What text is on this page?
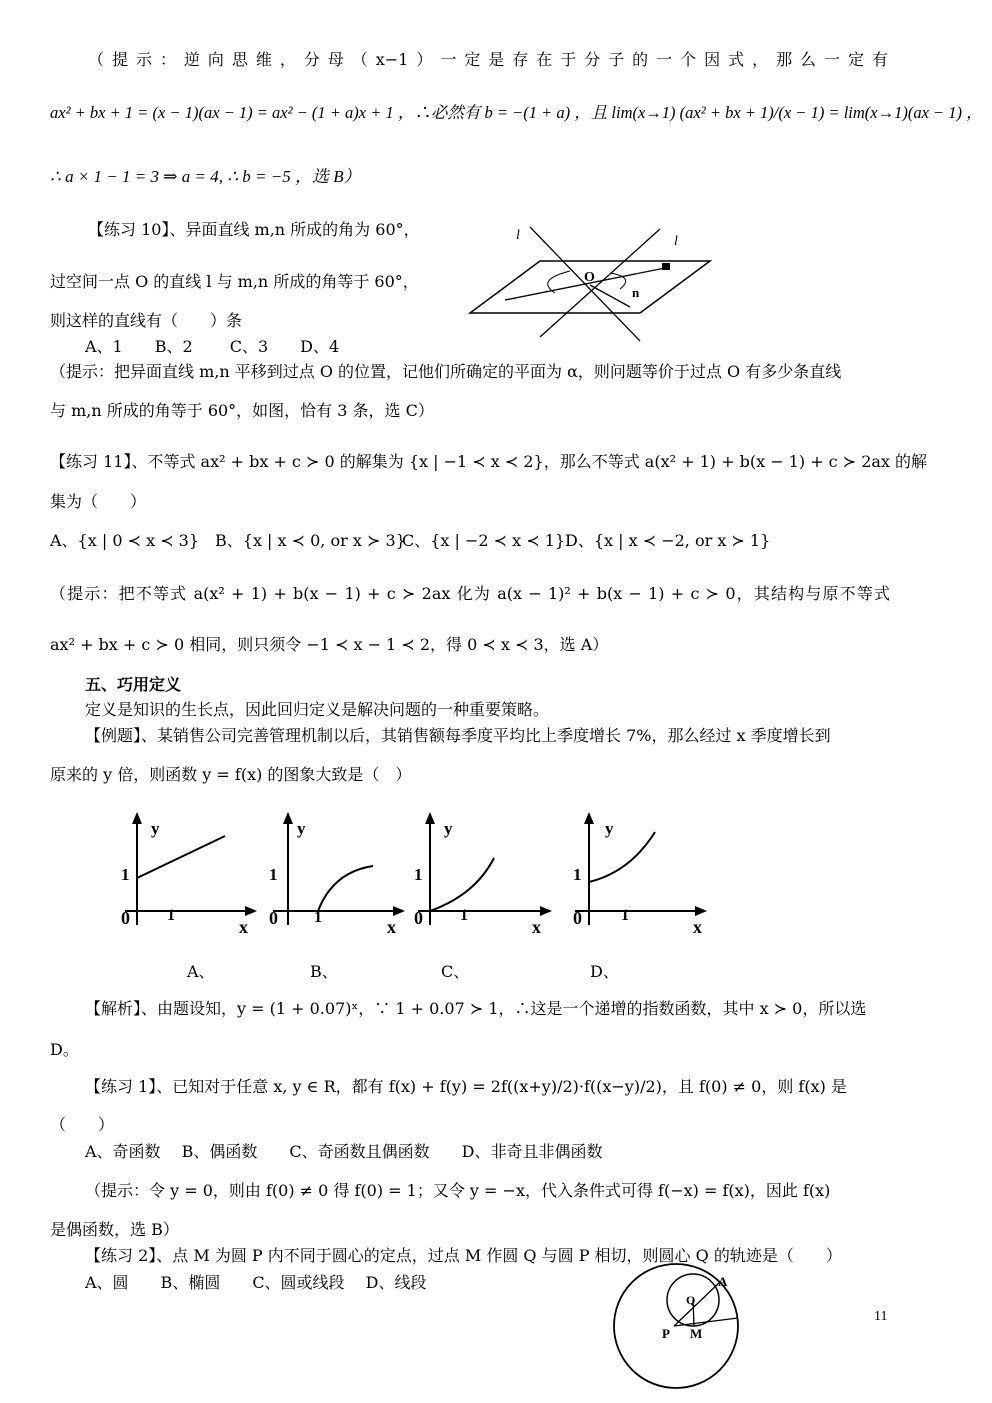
（提示：逆向思维，分母（x−1）一定是存在于分子的一个因式，那么一定有
ax² + bx + 1 = (x − 1)(ax − 1) = ax² − (1 + a)x + 1 ，∴必然有 b = −(1 + a) ，且 lim(x→1) (ax² + bx + 1)/(x − 1) = lim(x→1)(ax − 1) ，
∴ a × 1 − 1 = 3 ⇒ a = 4, ∴ b = −5 ，选 B）
【练习 10】、异面直线 m,n 所成的角为 60°，
过空间一点 O 的直线 l 与 m,n 所成的角等于 60°，
则这样的直线有（　　）条
A、1　　B、2　　 C、3　　D、4
（提示：把异面直线 m,n 平移到过点 O 的位置，记他们所确定的平面为 α，则问题等价于过点 O 有多少条直线
与 m,n 所成的角等于 60°，如图，恰有 3 条，选 C）
O
n
l	l
【练习 11】、不等式 ax² + bx + c ≻ 0 的解集为 {x | −1 ≺ x ≺ 2}，那么不等式 a(x² + 1) + b(x − 1) + c ≻ 2ax 的解
集为（　　）
A、{x | 0 ≺ x ≺ 3} B、{x | x ≺ 0, or x ≻ 3}
C、{x | −2 ≺ x ≺ 1} D、{x | x ≺ −2, or x ≻ 1}
（提示：把不等式 a(x² + 1) + b(x − 1) + c ≻ 2ax 化为 a(x − 1)² + b(x − 1) + c ≻ 0，其结构与原不等式
ax² + bx + c ≻ 0 相同，则只须令 −1 ≺ x − 1 ≺ 2，得 0 ≺ x ≺ 3，选 A）
五、巧用定义
定义是知识的生长点，因此回归定义是解决问题的一种重要策略。
【例题】、某销售公司完善管理机制以后，其销售额每季度平均比上季度增长 7%，那么经过 x 季度增长到
原来的 y 倍，则函数 y = f(x) 的图象大致是（　）
y
1
0 1
x
y
1
0 1	x
y
1
0 1
x
y
1
0 1
x
A、	B、	C、	D、
【解析】、由题设知，y = (1 + 0.07)ˣ，∵ 1 + 0.07 ≻ 1，∴这是一个递增的指数函数，其中 x ≻ 0，所以选
D。
【练习 1】、已知对于任意 x, y ∈ R，都有 f(x) + f(y) = 2f((x+y)/2)·f((x−y)/2)，且 f(0) ≠ 0，则 f(x) 是
（　　）
A、奇函数　 B、偶函数　　C、奇函数且偶函数　　D、非奇且非偶函数
（提示：令 y = 0，则由 f(0) ≠ 0 得 f(0) = 1；又令 y = −x，代入条件式可得 f(−x) = f(x)，因此 f(x)
是偶函数，选 B）
【练习 2】、点 M 为圆 P 内不同于圆心的定点，过点 M 作圆 Q 与圆 P 相切，则圆心 Q 的轨迹是（　　）
A、圆　　B、椭圆　　C、圆或线段　 D、线段	A
Q
P M
11
